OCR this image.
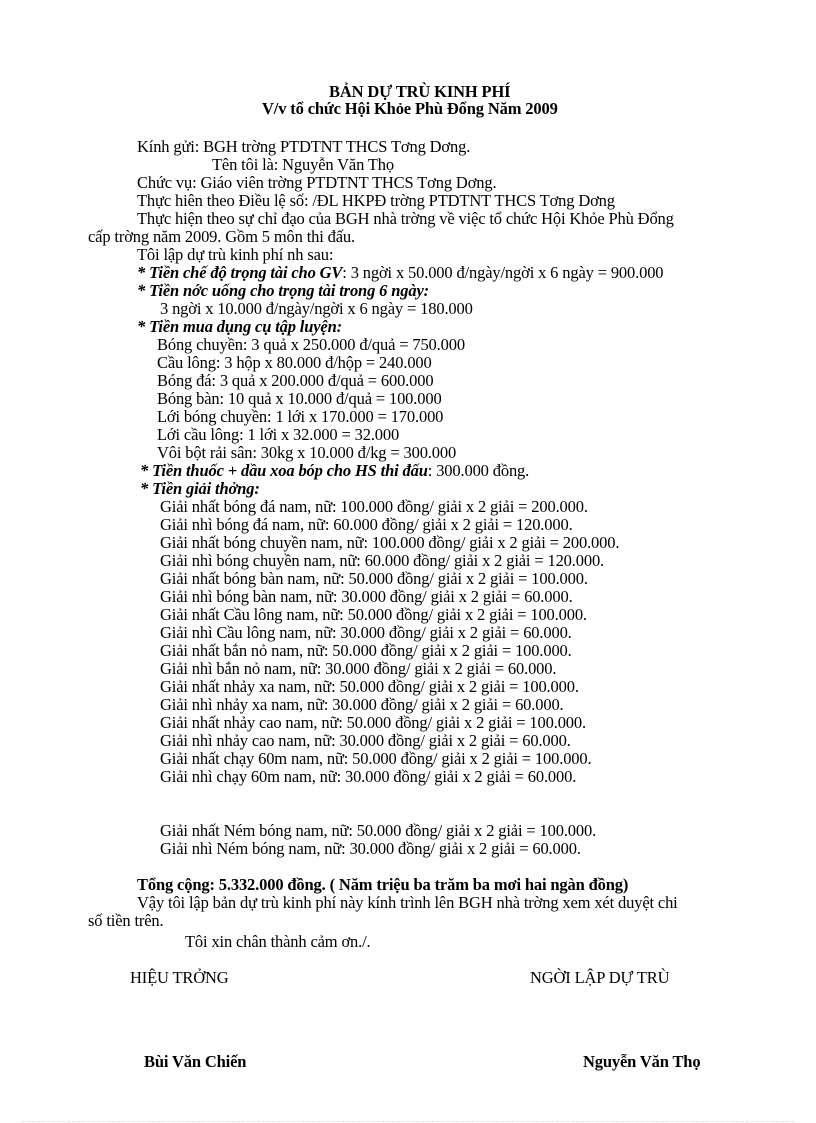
BẢN DỰ TRÙ KINH PHÍ
V/v tổ chức Hội Khỏe Phù Đổng Năm 2009
Kính gửi: BGH trờng PTDTNT THCS Tơng Dơng.
Tên tôi là: Nguyễn Văn Thọ
Chức vụ: Giáo viên trờng PTDTNT THCS Tơng Dơng.
Thực hiên theo Điều lệ số: /ĐL HKPĐ trờng PTDTNT THCS Tơng Dơng
Thực hiện theo sự chỉ đạo của BGH nhà trờng về việc tổ chức Hội Khỏe Phù Đổng
cấp trờng năm 2009. Gồm 5 môn thi đấu.
Tôi lập dự trù kinh phí nh sau:
* Tiền chế độ trọng tài cho GV: 3 ngời x 50.000 đ/ngày/ngời x 6 ngày = 900.000
* Tiền nớc uống cho trọng tài trong 6 ngày:
3 ngời x 10.000 đ/ngày/ngời x 6 ngày = 180.000
* Tiền mua dụng cụ tập luyện:
Bóng chuyền: 3 quả x 250.000 đ/quả = 750.000
Cầu lông: 3 hộp x 80.000 đ/hộp = 240.000
Bóng đá: 3 quả x 200.000 đ/quả = 600.000
Bóng bàn: 10 quả x 10.000 đ/quả = 100.000
Lới bóng chuyền: 1 lới x 170.000 = 170.000
Lới cầu lông: 1 lới x 32.000 = 32.000
Vôi bột rải sân: 30kg x 10.000 đ/kg = 300.000
* Tiền thuốc + dầu xoa bóp cho HS thi đấu: 300.000 đồng.
* Tiền giải thởng:
Giải nhất bóng đá nam, nữ: 100.000 đồng/ giải x 2 giải = 200.000.
Giải nhì bóng đá nam, nữ: 60.000 đồng/ giải x 2 giải = 120.000.
Giải nhất bóng chuyền nam, nữ: 100.000 đồng/ giải x 2 giải = 200.000.
Giải nhì bóng chuyền nam, nữ: 60.000 đồng/ giải x 2 giải = 120.000.
Giải nhất bóng bàn nam, nữ: 50.000 đồng/ giải x 2 giải = 100.000.
Giải nhì bóng bàn nam, nữ: 30.000 đồng/ giải x 2 giải = 60.000.
Giải nhất Cầu lông nam, nữ: 50.000 đồng/ giải x 2 giải = 100.000.
Giải nhì Cầu lông nam, nữ: 30.000 đồng/ giải x 2 giải = 60.000.
Giải nhất bắn nỏ nam, nữ: 50.000 đồng/ giải x 2 giải = 100.000.
Giải nhì bắn nỏ nam, nữ: 30.000 đồng/ giải x 2 giải = 60.000.
Giải nhất nhảy xa nam, nữ: 50.000 đồng/ giải x 2 giải = 100.000.
Giải nhì nhảy xa nam, nữ: 30.000 đồng/ giải x 2 giải = 60.000.
Giải nhất nhảy cao nam, nữ: 50.000 đồng/ giải x 2 giải = 100.000.
Giải nhì nhảy cao nam, nữ: 30.000 đồng/ giải x 2 giải = 60.000.
Giải nhất chạy 60m nam, nữ: 50.000 đồng/ giải x 2 giải = 100.000.
Giải nhì chạy 60m nam, nữ: 30.000 đồng/ giải x 2 giải = 60.000.
Giải nhất Ném bóng nam, nữ: 50.000 đồng/ giải x 2 giải = 100.000.
Giải nhì Ném bóng nam, nữ: 30.000 đồng/ giải x 2 giải = 60.000.
Tổng cộng: 5.332.000 đồng. ( Năm triệu ba trăm ba mơi hai ngàn đồng)
Vậy tôi lập bản dự trù kinh phí này kính trình lên BGH nhà trờng xem xét duyệt chi
số tiền trên.
Tôi xin chân thành cảm ơn./.
HIỆU TRỞNG	NGỜI LẬP DỰ TRÙ
Bùi Văn Chiến	Nguyễn Văn Thọ
